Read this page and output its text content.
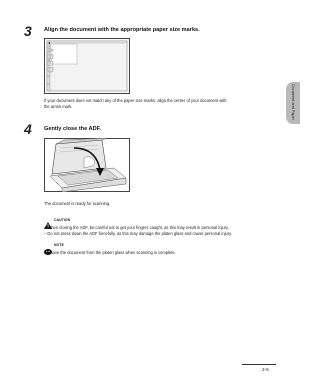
3 Align the document with the appropriate paper size marks.
ABCD
If your document does not match any of the paper size marks, align the center of your document with
the arrow mark.
4 Gently close the ADF.
The document is ready for scanning.
CAUTION
– When closing the ADF, be careful not to get your fingers caught, as this may result in personal injury.
– Do not press down the ADF forcefully, as this may damage the platen glass and cause personal injury.
NOTE
Remove the document from the platen glass when scanning is complete.
Document and Paper
2-5
